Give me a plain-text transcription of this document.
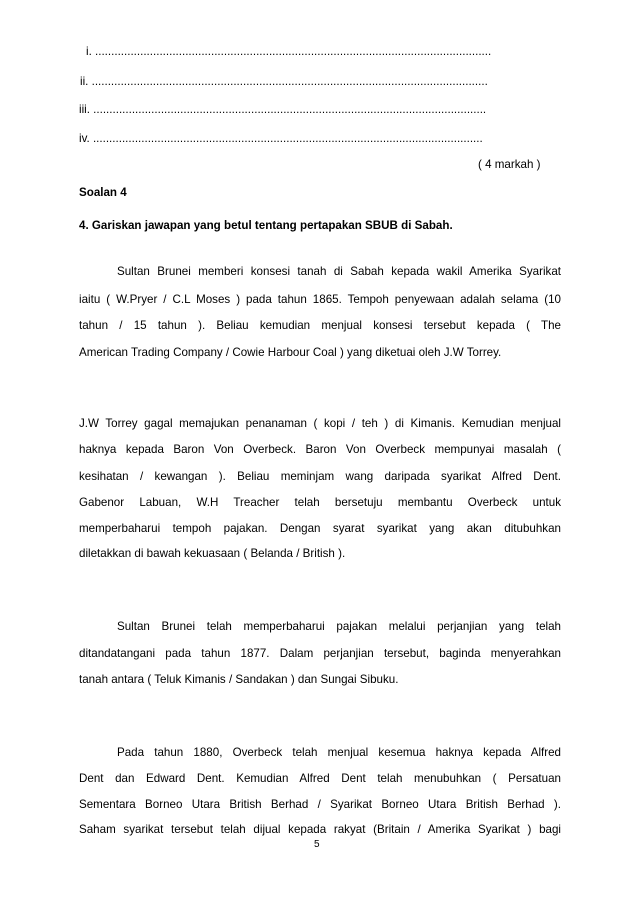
i. ...........................................................................................................................
ii. ...........................................................................................................................
iii. ..........................................................................................................................
iv. .........................................................................................................................
( 4 markah )
Soalan 4
4. Gariskan jawapan yang betul tentang pertapakan SBUB di Sabah.
Sultan Brunei memberi konsesi tanah di Sabah kepada wakil Amerika Syarikat
iaitu ( W.Pryer / C.L Moses ) pada tahun 1865. Tempoh penyewaan adalah selama (10
tahun / 15 tahun ). Beliau kemudian menjual konsesi tersebut kepada ( The
American Trading Company / Cowie Harbour Coal ) yang diketuai oleh J.W Torrey.
J.W Torrey gagal memajukan penanaman ( kopi / teh ) di Kimanis. Kemudian menjual
haknya kepada Baron Von Overbeck. Baron Von Overbeck mempunyai masalah (
kesihatan / kewangan ). Beliau meminjam wang daripada syarikat Alfred Dent.
Gabenor Labuan, W.H Treacher telah bersetuju membantu Overbeck untuk
memperbaharui tempoh pajakan. Dengan syarat syarikat yang akan ditubuhkan
diletakkan di bawah kekuasaan ( Belanda / British ).
Sultan Brunei telah memperbaharui pajakan melalui perjanjian yang telah
ditandatangani pada tahun 1877. Dalam perjanjian tersebut, baginda menyerahkan
tanah antara ( Teluk Kimanis / Sandakan ) dan Sungai Sibuku.
Pada tahun 1880, Overbeck telah menjual kesemua haknya kepada Alfred
Dent dan Edward Dent. Kemudian Alfred Dent telah menubuhkan ( Persatuan
Sementara Borneo Utara British Berhad / Syarikat Borneo Utara British Berhad ).
Saham syarikat tersebut telah dijual kepada rakyat (Britain / Amerika Syarikat ) bagi
5
